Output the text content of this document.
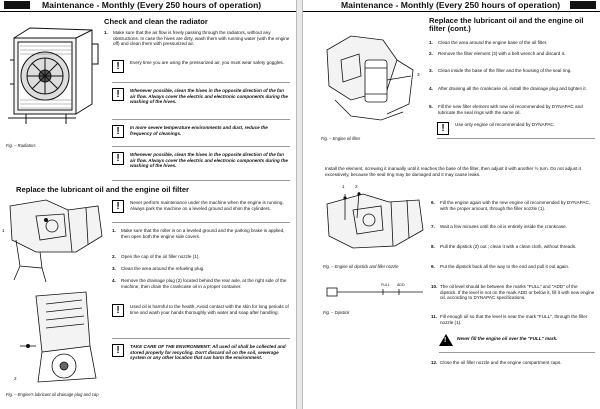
Maintenance - Monthly (Every 250 hours of operation)
Check and clean the radiator
Fig. – Radiators
1. Make sure that the air flow is freely passing through the radiators, without any obstructions. In case the hives are dirty, wash them with running water (with the engine off) and clean them with pressurized air.
!
Every time you are using the pressurized air, you must wear safety goggles.
!
Whenever possible, clean the hives in the opposite direction of the fan air flow. Always cover the electric and electronic components during the washing of the hives.
!
In more severe temperature environments and dust, reduce the frequency of cleanings.
!
Whenever possible, clean the hives in the opposite direction of the fan air flow. Always cover the electric and electronic components during the washing of the hives.
Replace the lubricant oil and the engine oil filter
!
Never perform maintenance under the machine when the engine is running. Always park the machine on a leveled ground and shim the cylinders.
1. Make sure that the roller is on a leveled ground and the parking brake is applied, then open both the engine side covers.
2. Open the cap of the oil filler nozzle (1).
3. Clean the area around the refueling plug.
4. Remove the drainage plug (2) located behind the rear axle, at the right side of the machine, then drain the crankcase oil in a proper container.
!
Used oil is harmful to the health. Avoid contact with the skin for long periods of time and wash your hands thoroughly with water and soap after handling.
!
TAKE CARE OF THE ENVIRONMENT: All used oil shall be collected and stored properly for recycling. Don't discard oil on the soil, sewerage system or any other location that can harm the environment.
1
2
Fig. – Engine's lubricant oil drainage plug and cap
Maintenance - Monthly (Every 250 hours of operation)
Replace the lubricant oil and the engine oil filter (cont.)
3
Fig. – Engine oil filter
1. Clean the area around the engine base of the oil filter.
2. Remove the filter element (3) with a belt wrench and discard it.
3. Clean inside the base of the filter and the housing of the seal ring.
4. After draining all the crankcase oil, install the drainage plug and tighten it.
5. Fill the new filter element with new oil recommended by DYNAPAC and lubricate the seal rings with the same oil.
!
Use only engine oil recommended by DYNAPAC.
Install the element, screwing it manually until it reaches the base of the filter, then adjust it with another ½ turn. Do not adjust it excessively, because the seal ring may be damaged and it may cause leaks.
1 2
Fig. – Engine oil dipstick and filler nozzle
FULL ADD
Fig. – Dipstick
6. Fill the engine again with the new engine oil recommended by DYNAPAC, with the proper amount, through the filler nozzle (1).
7. Wait a few minutes until the oil is entirely inside the crankcase.
8. Pull the dipstick (2) out ; clean it with a clean cloth, without threads.
9. Put the dipstick back all the way to the end and pull it out again.
10. The oil level should be between the marks "FULL" and "ADD" of the dipstick. If the level is not on the mark ADD or below it, fill it with new engine oil, according to DYNAPAC specifications.
11. Fill enough oil so that the level is near the mark "FULL", through the filler nozzle (1).
!
Never fill the engine oil over the "FULL" mark.
12. Close the oil filler nozzle and the engine compartment caps.
